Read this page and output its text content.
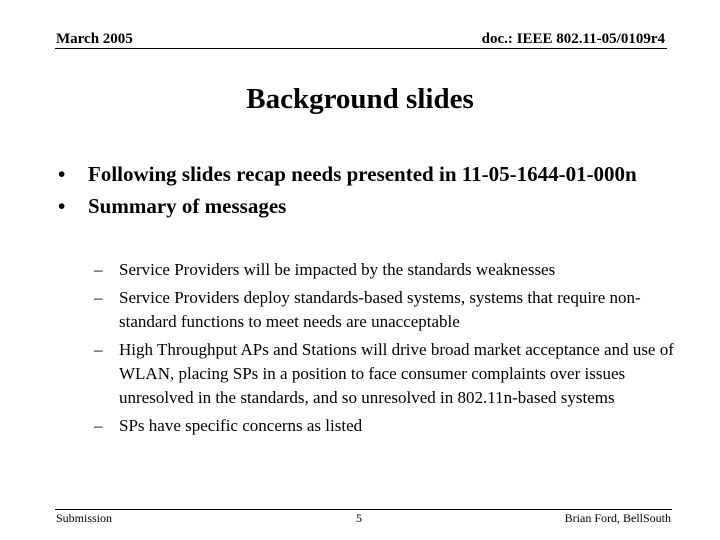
March 2005	doc.: IEEE 802.11-05/0109r4
Background slides
• Following slides recap needs presented in 11-05-1644-01-000n
• Summary of messages
– Service Providers will be impacted by the standards weaknesses
– Service Providers deploy standards-based systems, systems that require non-standard functions to meet needs are unacceptable
– High Throughput APs and Stations will drive broad market acceptance and use of WLAN, placing SPs in a position to face consumer complaints over issues unresolved in the standards, and so unresolved in 802.11n-based systems
– SPs have specific concerns as listed
Submission	5	Brian Ford, BellSouth
